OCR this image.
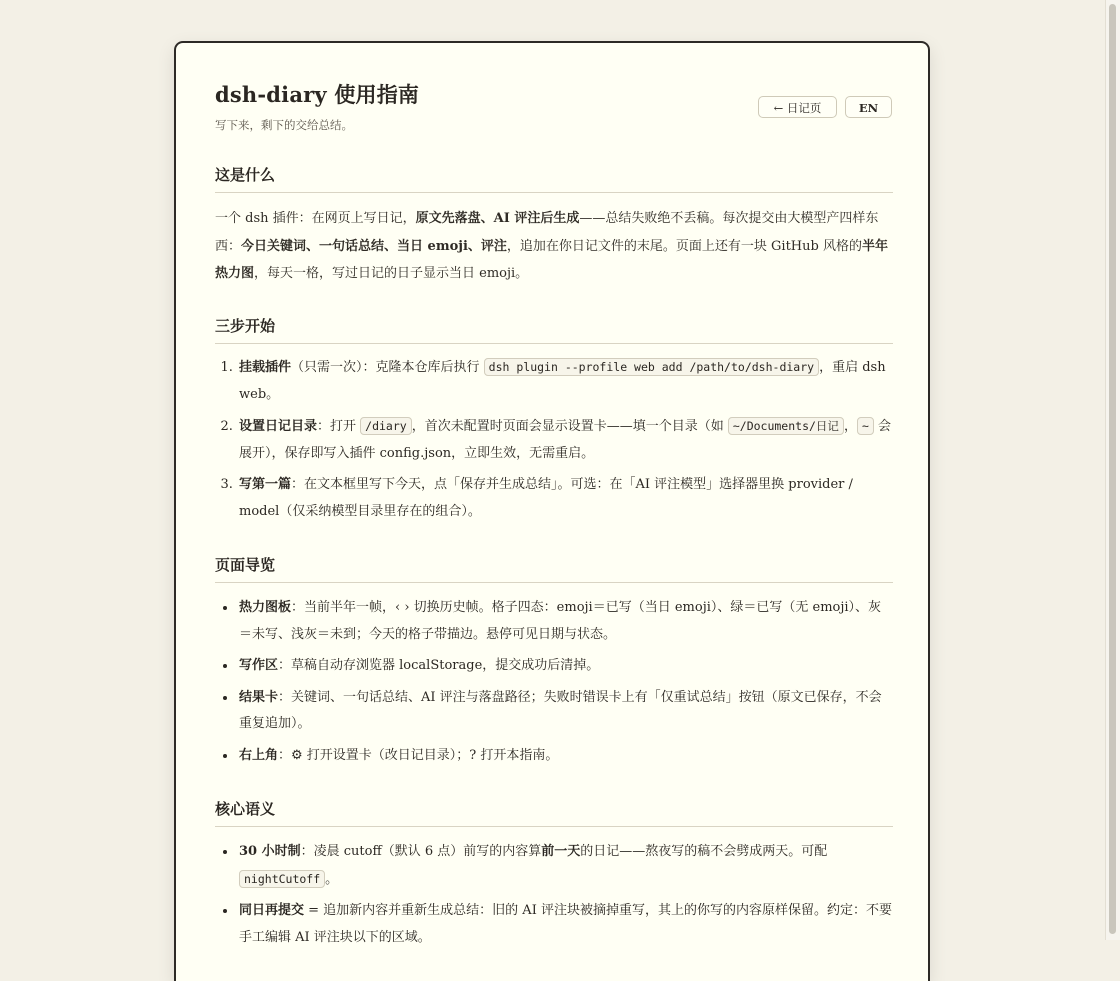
dsh-diary 使用指南
写下来，剩下的交给总结。
← 日记页	EN
这是什么

一个 dsh 插件：在网页上写日记，原文先落盘、AI 评注后生成——总结失败绝不丢稿。每次提交由大模型产四样东西：今日关键词、一句话总结、当日 emoji、评注，追加在你日记文件的末尾。页面上还有一块 GitHub 风格的半年热力图，每天一格，写过日记的日子显示当日 emoji。

三步开始
1. 挂载插件（只需一次）：克隆本仓库后执行 dsh plugin --profile web add /path/to/dsh-diary ，重启 dsh web。
2. 设置日记目录：打开 /diary ，首次未配置时页面会显示设置卡——填一个目录（如 ~/Documents/日记 ， ~ 会展开），保存即写入插件 config.json，立即生效，无需重启。
3. 写第一篇：在文本框里写下今天，点「保存并生成总结」。可选：在「AI 评注模型」选择器里换 provider / model（仅采纳模型目录里存在的组合）。
页面导览
• 热力图板：当前半年一帧，‹ › 切换历史帧。格子四态：emoji＝已写（当日 emoji）、绿＝已写（无 emoji）、灰＝未写、浅灰＝未到；今天的格子带描边。悬停可见日期与状态。
• 写作区：草稿自动存浏览器 localStorage，提交成功后清掉。
• 结果卡：关键词、一句话总结、AI 评注与落盘路径；失败时错误卡上有「仅重试总结」按钮（原文已保存，不会重复追加）。
• 右上角：⚙ 打开设置卡（改日记目录）；? 打开本指南。
核心语义
• 30 小时制：凌晨 cutoff（默认 6 点）前写的内容算前一天的日记——熬夜写的稿不会劈成两天。可配 nightCutoff 。
• 同日再提交 = 追加新内容并重新生成总结：旧的 AI 评注块被摘掉重写，其上的你写的内容原样保留。约定：不要手工编辑 AI 评注块以下的区域。
